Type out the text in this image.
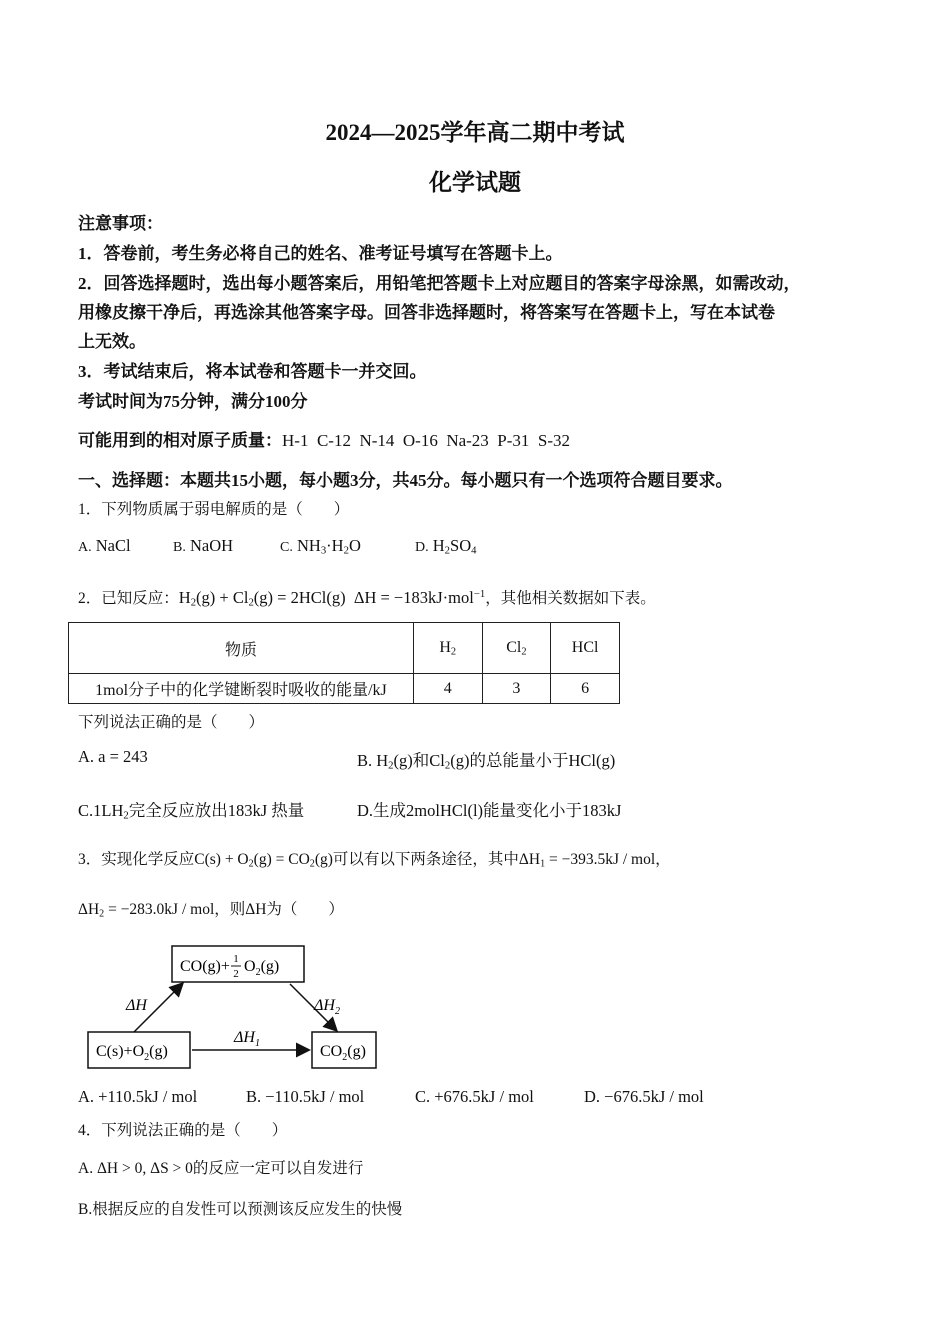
2024—2025学年高二期中考试
化学试题
注意事项：
1．答卷前，考生务必将自己的姓名、准考证号填写在答题卡上。
2．回答选择题时，选出每小题答案后，用铅笔把答题卡上对应题目的答案字母涂黑，如需改动，
用橡皮擦干净后，再选涂其他答案字母。回答非选择题时，将答案写在答题卡上，写在本试卷
上无效。
3．考试结束后，将本试卷和答题卡一并交回。
考试时间为75分钟，满分100分
可能用到的相对原子质量：H-1  C-12  N-14  O-16  Na-23  P-31  S-32
一、选择题：本题共15小题，每小题3分，共45分。每小题只有一个选项符合题目要求。
1．下列物质属于弱电解质的是（　　）
A. NaCl	B. NaOH	C. $NH_3\cdot H_2O$	D. $H_2SO_4$
2．已知反应：$H_2(g) + Cl_2(g) = 2HCl(g) \Delta H = -183kJ\cdot mol^{-1}$，其他相关数据如下表。
物质	$H_2$	$Cl_2$	HCl
1mol分子中的化学键断裂时吸收的能量/kJ	4	3	6
下列说法正确的是（　　）
A. a = 243	B. $H_2(g)$和$Cl_2(g)$的总能量小于HCl(g)
$C.1LH_2$完全反应放出183kJ 热量	D.生成2molHCl(l)能量变化小于183kJ
3．实现化学反应$C(s) + O_2(g) = CO_2(g)$可以有以下两条途径，其中$\Delta H_1 = -393.5kJ$ / mol，
$\Delta H_2 = -283.0kJ$ / mol，则ΔH为（　　）
CO(g)+ 1
2 $O_2(g)$
$C(s)+O_2(g)$	$CO_2(g)$
ΔH	$\Delta H_2$
$\Delta H_1$
A. +110.5kJ / mol	B. −110.5kJ / mol	C. +676.5kJ / mol	D. −676.5kJ / mol
4．下列说法正确的是（　　）
A. ΔH > 0, ΔS > 0的反应一定可以自发进行
B.根据反应的自发性可以预测该反应发生的快慢
